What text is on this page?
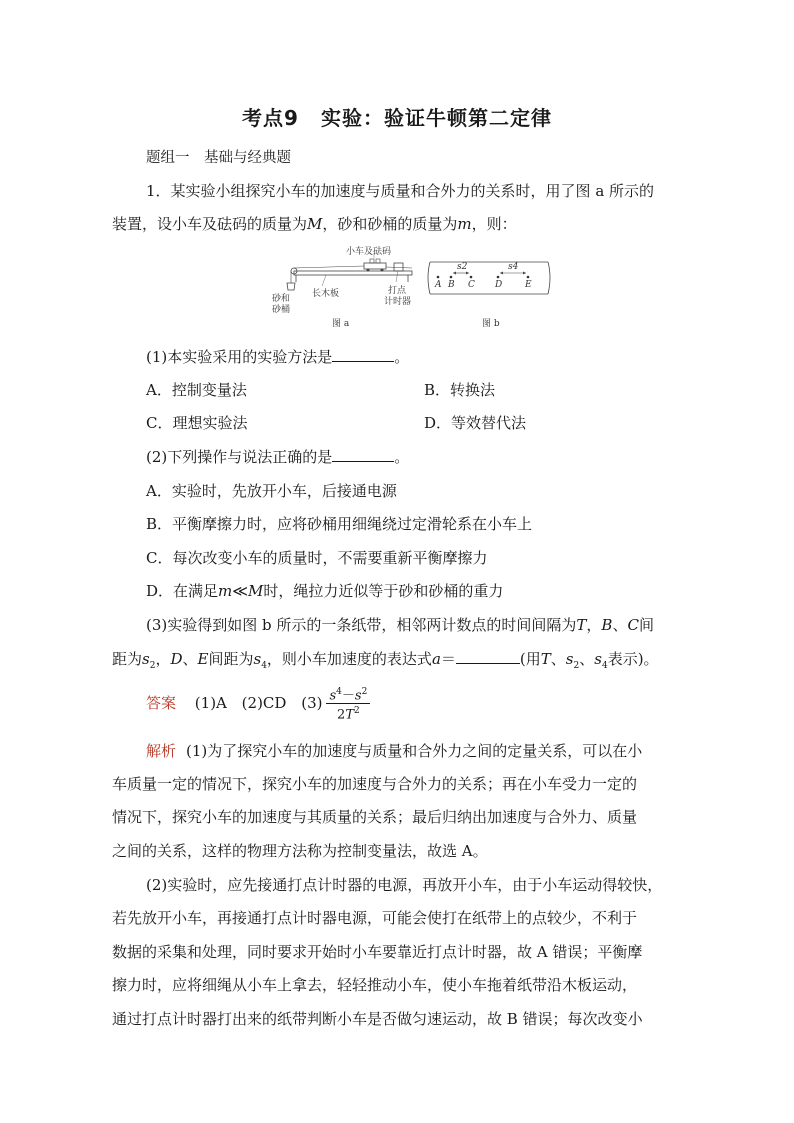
考点9 实验：验证牛顿第二定律
题组一　基础与经典题
1．某实验小组探究小车的加速度与质量和合外力的关系时，用了图 a 所示的
装置，设小车及砝码的质量为M，砂和砂桶的质量为m，则：
小车及砝码
砂和
砂桶
长木板	打点
计时器
图 a
s2	s4
A B C D	E
图 b
(1)本实验采用的实验方法是	。
A．控制变量法	B．转换法
C．理想实验法	D．等效替代法
(2)下列操作与说法正确的是	。
A．实验时，先放开小车，后接通电源
B．平衡摩擦力时，应将砂桶用细绳绕过定滑轮系在小车上
C．每次改变小车的质量时，不需要重新平衡摩擦力
D．在满足m≪M时，绳拉力近似等于砂和砂桶的重力
(3)实验得到如图 b 所示的一条纸带，相邻两计数点的时间间隔为T，B、C间
距为$s_2$，D、E间距为$s_4$，则小车加速度的表达式a＝	(用T、$s_2$、$s_4$表示)。
答案 (1)A (2)CD $(3) \frac{s^4-s^2}{2T^2}$
解析 (1)为了探究小车的加速度与质量和合外力之间的定量关系，可以在小
车质量一定的情况下，探究小车的加速度与合外力的关系；再在小车受力一定的
情况下，探究小车的加速度与其质量的关系；最后归纳出加速度与合外力、质量
之间的关系，这样的物理方法称为控制变量法，故选 A。
(2)实验时，应先接通打点计时器的电源，再放开小车，由于小车运动得较快，
若先放开小车，再接通打点计时器电源，可能会使打在纸带上的点较少，不利于
数据的采集和处理，同时要求开始时小车要靠近打点计时器，故 A 错误；平衡摩
擦力时，应将细绳从小车上拿去，轻轻推动小车，使小车拖着纸带沿木板运动，
通过打点计时器打出来的纸带判断小车是否做匀速运动，故 B 错误；每次改变小
